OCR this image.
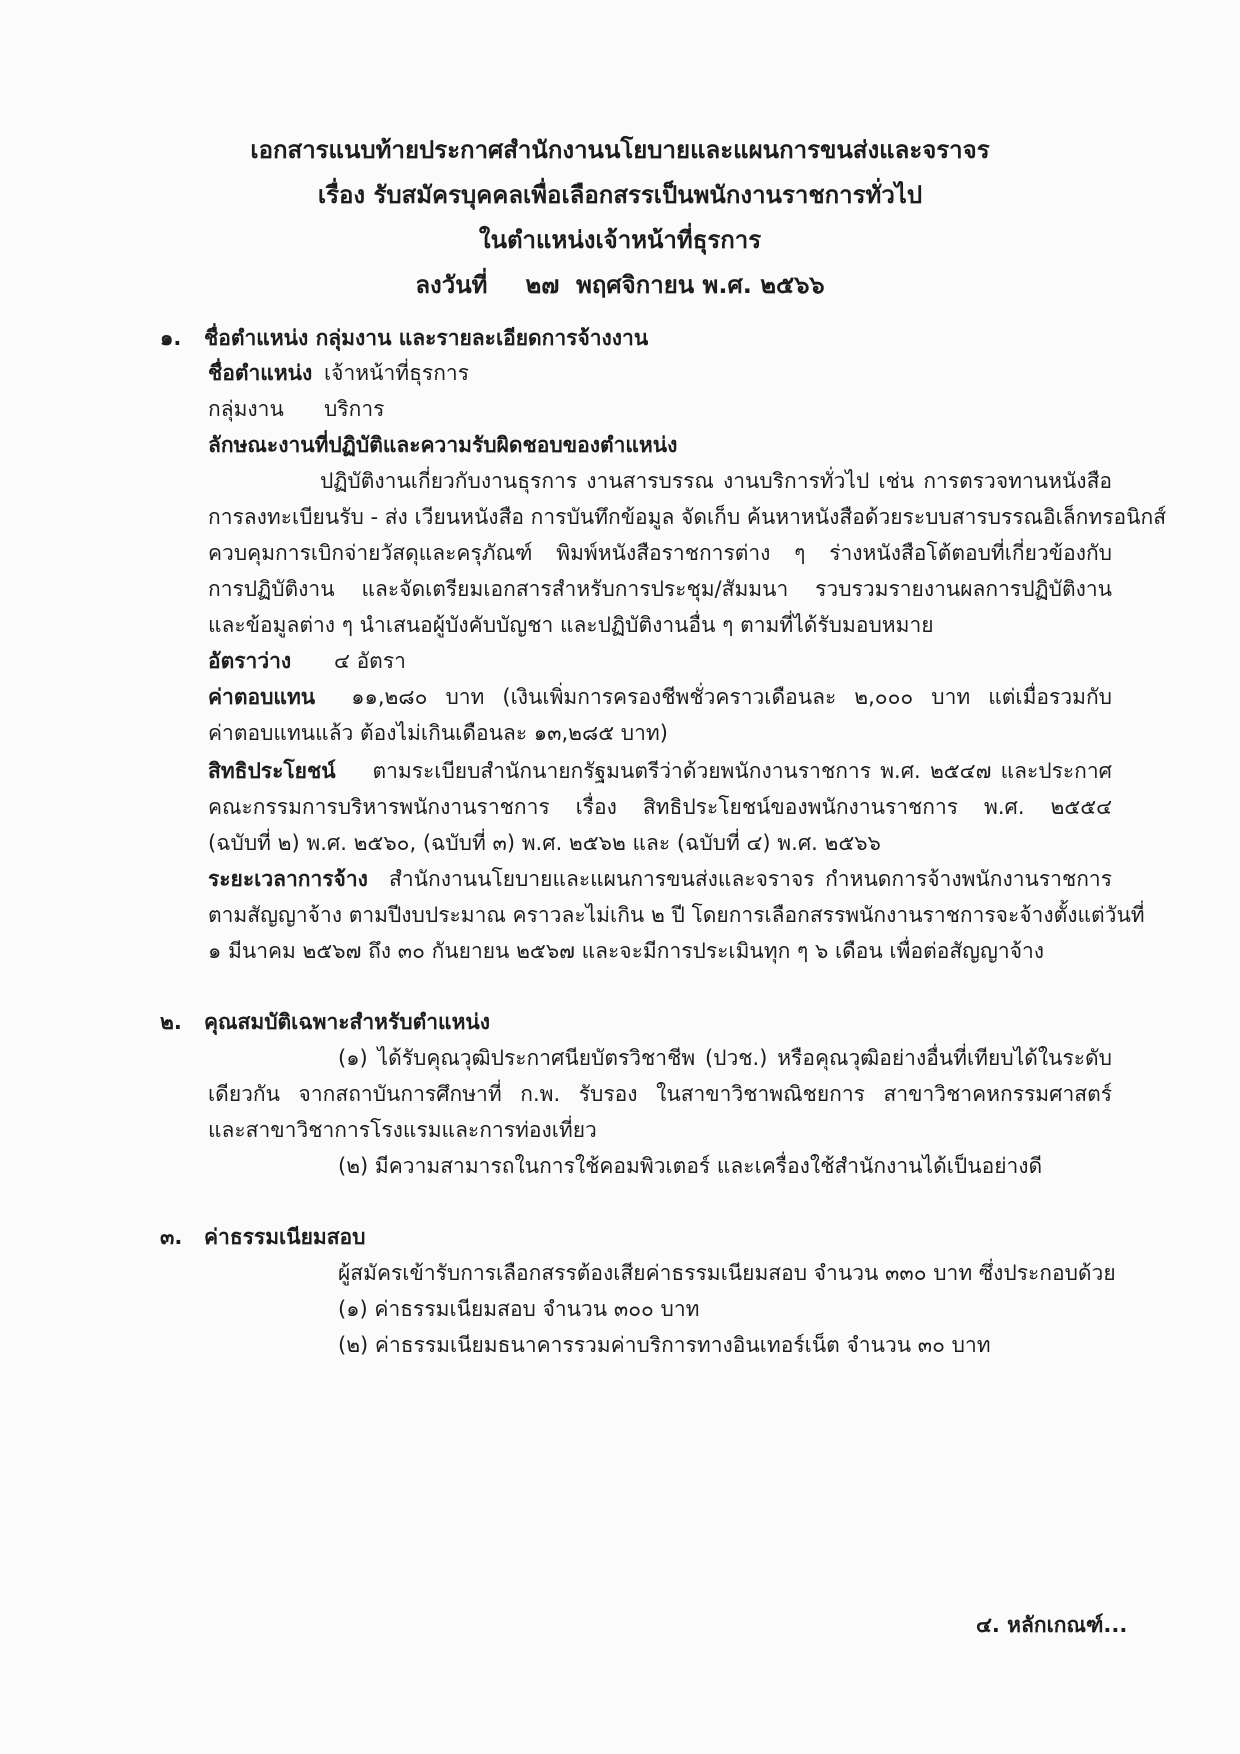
เอกสารแนบท้ายประกาศสำนักงานนโยบายและแผนการขนส่งและจราจร
เรื่อง รับสมัครบุคคลเพื่อเลือกสรรเป็นพนักงานราชการทั่วไป
ในตำแหน่งเจ้าหน้าที่ธุรการ
ลงวันที่ ๒๗ พฤศจิกายน พ.ศ. ๒๕๖๖
๑. ชื่อตำแหน่ง กลุ่มงาน และรายละเอียดการจ้างงาน
ชื่อตำแหน่ง เจ้าหน้าที่ธุรการ
กลุ่มงาน บริการ
ลักษณะงานที่ปฏิบัติและความรับผิดชอบของตำแหน่ง
ปฏิบัติงานเกี่ยวกับงานธุรการ งานสารบรรณ งานบริการทั่วไป เช่น การตรวจทานหนังสือ
การลงทะเบียนรับ - ส่ง เวียนหนังสือ การบันทึกข้อมูล จัดเก็บ ค้นหาหนังสือด้วยระบบสารบรรณอิเล็กทรอนิกส์
ควบคุมการเบิกจ่ายวัสดุและครุภัณฑ์ พิมพ์หนังสือราชการต่าง ๆ ร่างหนังสือโต้ตอบที่เกี่ยวข้องกับ
การปฏิบัติงาน และจัดเตรียมเอกสารสำหรับการประชุม/สัมมนา รวบรวมรายงานผลการปฏิบัติงาน
และข้อมูลต่าง ๆ นำเสนอผู้บังคับบัญชา และปฏิบัติงานอื่น ๆ ตามที่ได้รับมอบหมาย
อัตราว่าง ๔ อัตรา
ค่าตอบแทน ๑๑,๒๘๐ บาท (เงินเพิ่มการครองชีพชั่วคราวเดือนละ ๒,๐๐๐ บาท แต่เมื่อรวมกับ
ค่าตอบแทนแล้ว ต้องไม่เกินเดือนละ ๑๓,๒๘๕ บาท)
สิทธิประโยชน์ ตามระเบียบสำนักนายกรัฐมนตรีว่าด้วยพนักงานราชการ พ.ศ. ๒๕๔๗ และประกาศ
คณะกรรมการบริหารพนักงานราชการ เรื่อง สิทธิประโยชน์ของพนักงานราชการ พ.ศ. ๒๕๕๔
(ฉบับที่ ๒) พ.ศ. ๒๕๖๐, (ฉบับที่ ๓) พ.ศ. ๒๕๖๒ และ (ฉบับที่ ๔) พ.ศ. ๒๕๖๖
ระยะเวลาการจ้าง สำนักงานนโยบายและแผนการขนส่งและจราจร กำหนดการจ้างพนักงานราชการ
ตามสัญญาจ้าง ตามปีงบประมาณ คราวละไม่เกิน ๒ ปี โดยการเลือกสรรพนักงานราชการจะจ้างตั้งแต่วันที่
๑ มีนาคม ๒๕๖๗ ถึง ๓๐ กันยายน ๒๕๖๗ และจะมีการประเมินทุก ๆ ๖ เดือน เพื่อต่อสัญญาจ้าง
๒. คุณสมบัติเฉพาะสำหรับตำแหน่ง
(๑) ได้รับคุณวุฒิประกาศนียบัตรวิชาชีพ (ปวช.) หรือคุณวุฒิอย่างอื่นที่เทียบได้ในระดับ
เดียวกัน จากสถาบันการศึกษาที่ ก.พ. รับรอง ในสาขาวิชาพณิชยการ สาขาวิชาคหกรรมศาสตร์
และสาขาวิชาการโรงแรมและการท่องเที่ยว
(๒) มีความสามารถในการใช้คอมพิวเตอร์ และเครื่องใช้สำนักงานได้เป็นอย่างดี
๓. ค่าธรรมเนียมสอบ
ผู้สมัครเข้ารับการเลือกสรรต้องเสียค่าธรรมเนียมสอบ จำนวน ๓๓๐ บาท ซึ่งประกอบด้วย
(๑) ค่าธรรมเนียมสอบ จำนวน ๓๐๐ บาท
(๒) ค่าธรรมเนียมธนาคารรวมค่าบริการทางอินเทอร์เน็ต จำนวน ๓๐ บาท
๔. หลักเกณฑ์...
